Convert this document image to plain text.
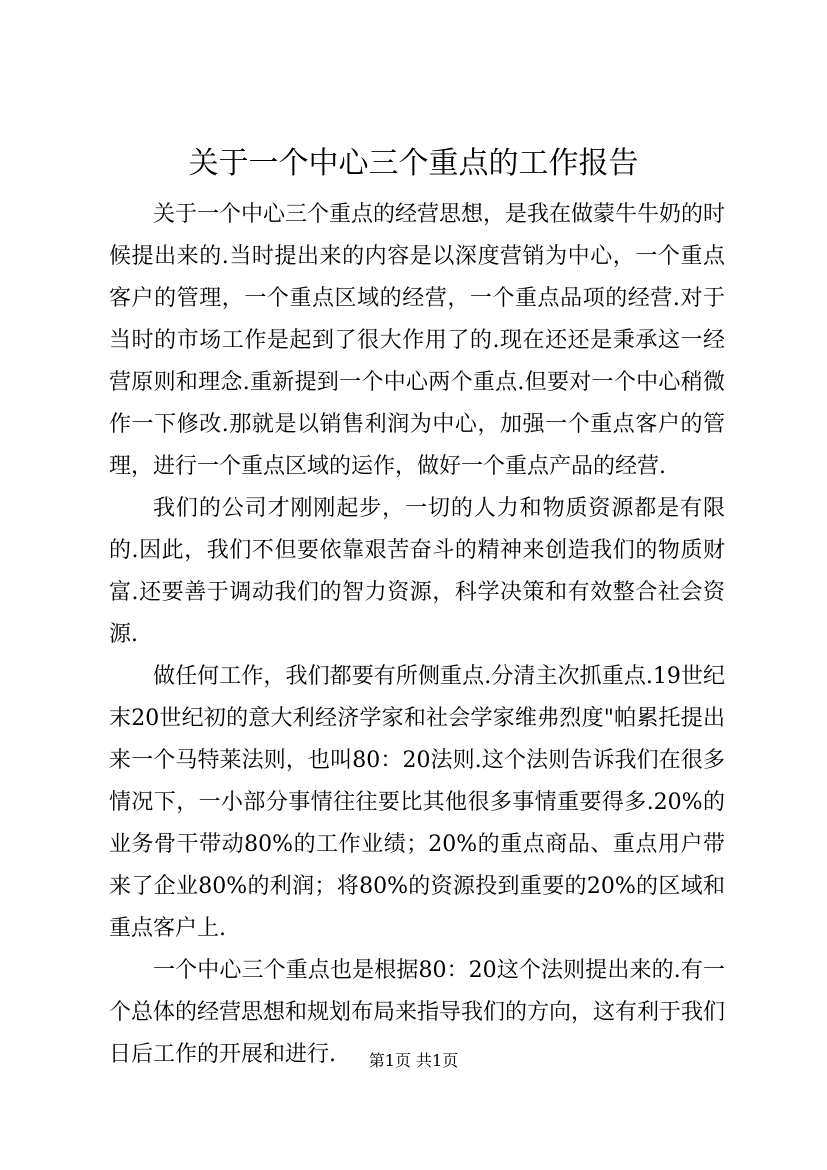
关于一个中心三个重点的工作报告

关于一个中心三个重点的经营思想，是我在做蒙牛牛奶的时候提出来的.当时提出来的内容是以深度营销为中心，一个重点客户的管理，一个重点区域的经营，一个重点品项的经营.对于当时的市场工作是起到了很大作用了的.现在还还是秉承这一经营原则和理念.重新提到一个中心两个重点.但要对一个中心稍微作一下修改.那就是以销售利润为中心，加强一个重点客户的管理，进行一个重点区域的运作，做好一个重点产品的经营.

我们的公司才刚刚起步，一切的人力和物质资源都是有限的.因此，我们不但要依靠艰苦奋斗的精神来创造我们的物质财富.还要善于调动我们的智力资源，科学决策和有效整合社会资源.

做任何工作，我们都要有所侧重点.分清主次抓重点.19世纪末20世纪初的意大利经济学家和社会学家维弗烈度"帕累托提出来一个马特莱法则，也叫80：20法则.这个法则告诉我们在很多情况下，一小部分事情往往要比其他很多事情重要得多.20%的业务骨干带动80%的工作业绩；20%的重点商品、重点用户带来了企业80%的利润；将80%的资源投到重要的20%的区域和重点客户上.

一个中心三个重点也是根据80：20这个法则提出来的.有一个总体的经营思想和规划布局来指导我们的方向，这有利于我们日后工作的开展和进行.	第1页 共1页
